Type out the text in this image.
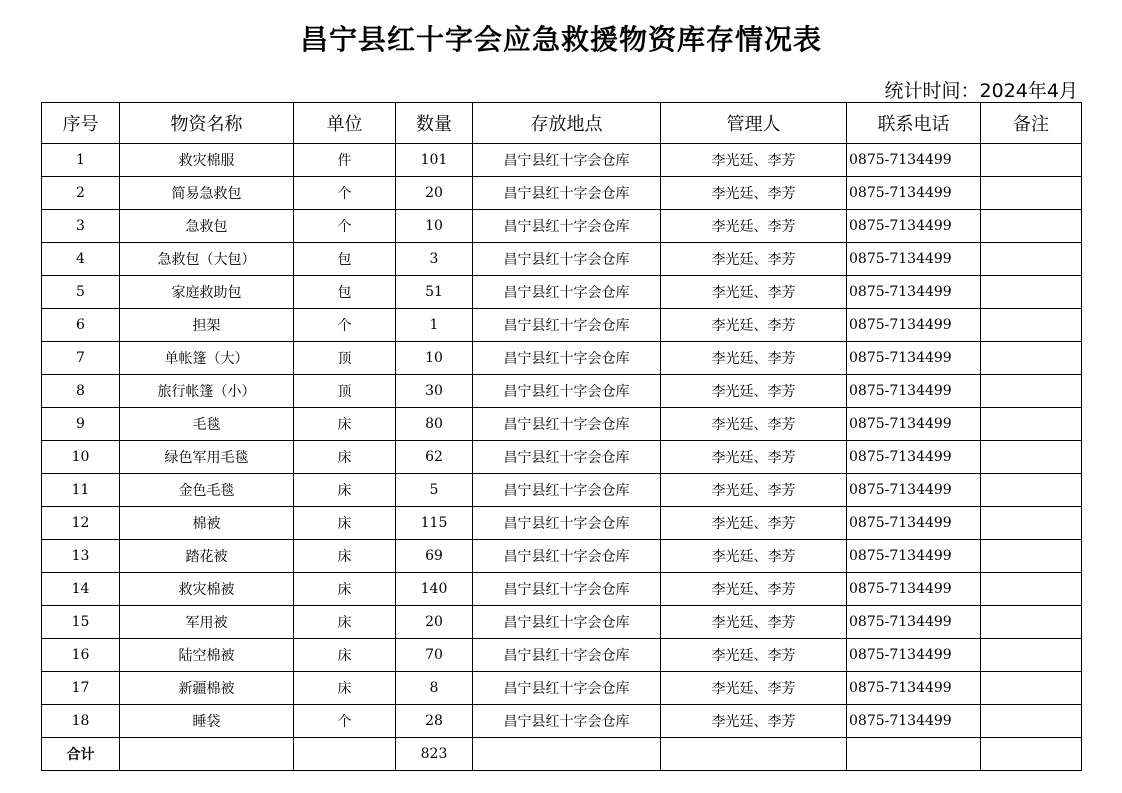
昌宁县红十字会应急救援物资库存情况表
统计时间：2024年4月
序号	物资名称	单位	数量	存放地点	管理人	联系电话	备注
1	救灾棉服	件	101	昌宁县红十字会仓库	李光廷、李芳	0875-7134499	
2	简易急救包	个	20	昌宁县红十字会仓库	李光廷、李芳	0875-7134499	
3	急救包	个	10	昌宁县红十字会仓库	李光廷、李芳	0875-7134499	
4	急救包（大包）	包	3	昌宁县红十字会仓库	李光廷、李芳	0875-7134499	
5	家庭救助包	包	51	昌宁县红十字会仓库	李光廷、李芳	0875-7134499	
6	担架	个	1	昌宁县红十字会仓库	李光廷、李芳	0875-7134499	
7	单帐篷（大）	顶	10	昌宁县红十字会仓库	李光廷、李芳	0875-7134499	
8	旅行帐篷（小）	顶	30	昌宁县红十字会仓库	李光廷、李芳	0875-7134499	
9	毛毯	床	80	昌宁县红十字会仓库	李光廷、李芳	0875-7134499	
10	绿色军用毛毯	床	62	昌宁县红十字会仓库	李光廷、李芳	0875-7134499	
11	金色毛毯	床	5	昌宁县红十字会仓库	李光廷、李芳	0875-7134499	
12	棉被	床	115	昌宁县红十字会仓库	李光廷、李芳	0875-7134499	
13	踏花被	床	69	昌宁县红十字会仓库	李光廷、李芳	0875-7134499	
14	救灾棉被	床	140	昌宁县红十字会仓库	李光廷、李芳	0875-7134499	
15	军用被	床	20	昌宁县红十字会仓库	李光廷、李芳	0875-7134499	
16	陆空棉被	床	70	昌宁县红十字会仓库	李光廷、李芳	0875-7134499	
17	新疆棉被	床	8	昌宁县红十字会仓库	李光廷、李芳	0875-7134499	
18	睡袋	个	28	昌宁县红十字会仓库	李光廷、李芳	0875-7134499	
合计			823				
